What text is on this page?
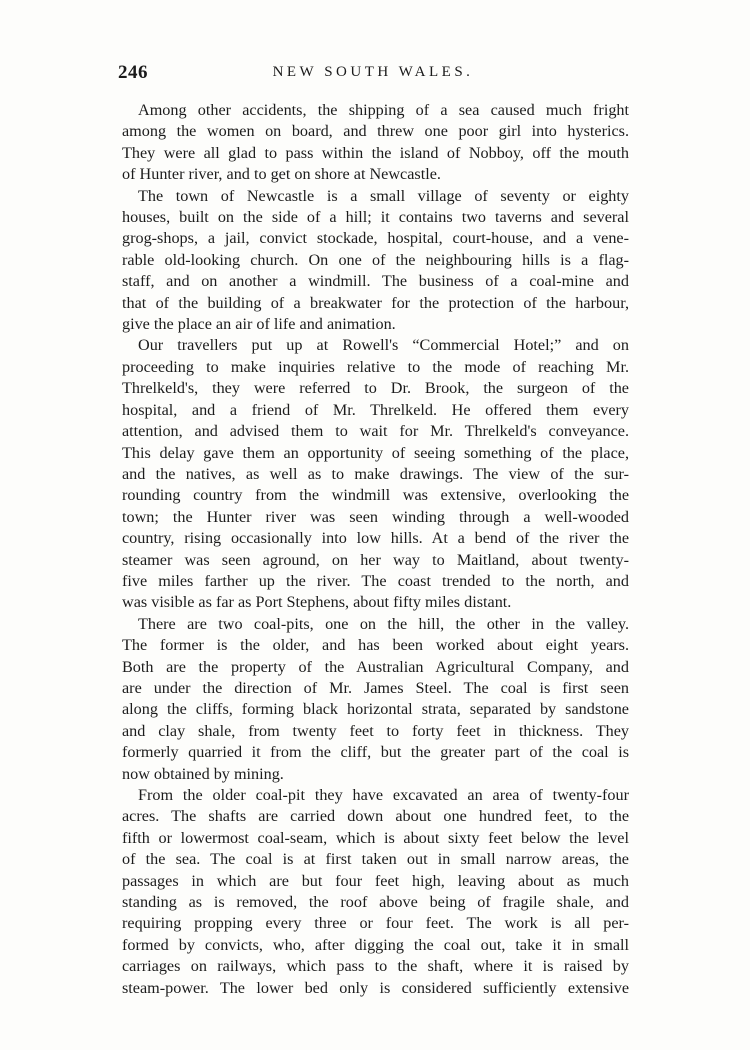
246	NEW SOUTH WALES.
Among other accidents, the shipping of a sea caused much fright
among the women on board, and threw one poor girl into hysterics.
They were all glad to pass within the island of Nobboy, off the mouth
of Hunter river, and to get on shore at Newcastle.
The town of Newcastle is a small village of seventy or eighty
houses, built on the side of a hill; it contains two taverns and several
grog-shops, a jail, convict stockade, hospital, court-house, and a vene-
rable old-looking church. On one of the neighbouring hills is a flag-
staff, and on another a windmill. The business of a coal-mine and
that of the building of a breakwater for the protection of the harbour,
give the place an air of life and animation.
Our travellers put up at Rowell's “Commercial Hotel;” and on
proceeding to make inquiries relative to the mode of reaching Mr.
Threlkeld's, they were referred to Dr. Brook, the surgeon of the
hospital, and a friend of Mr. Threlkeld. He offered them every
attention, and advised them to wait for Mr. Threlkeld's conveyance.
This delay gave them an opportunity of seeing something of the place,
and the natives, as well as to make drawings. The view of the sur-
rounding country from the windmill was extensive, overlooking the
town; the Hunter river was seen winding through a well-wooded
country, rising occasionally into low hills. At a bend of the river the
steamer was seen aground, on her way to Maitland, about twenty-
five miles farther up the river. The coast trended to the north, and
was visible as far as Port Stephens, about fifty miles distant.
There are two coal-pits, one on the hill, the other in the valley.
The former is the older, and has been worked about eight years.
Both are the property of the Australian Agricultural Company, and
are under the direction of Mr. James Steel. The coal is first seen
along the cliffs, forming black horizontal strata, separated by sandstone
and clay shale, from twenty feet to forty feet in thickness. They
formerly quarried it from the cliff, but the greater part of the coal is
now obtained by mining.
From the older coal-pit they have excavated an area of twenty-four
acres. The shafts are carried down about one hundred feet, to the
fifth or lowermost coal-seam, which is about sixty feet below the level
of the sea. The coal is at first taken out in small narrow areas, the
passages in which are but four feet high, leaving about as much
standing as is removed, the roof above being of fragile shale, and
requiring propping every three or four feet. The work is all per-
formed by convicts, who, after digging the coal out, take it in small
carriages on railways, which pass to the shaft, where it is raised by
steam-power. The lower bed only is considered sufficiently extensive
